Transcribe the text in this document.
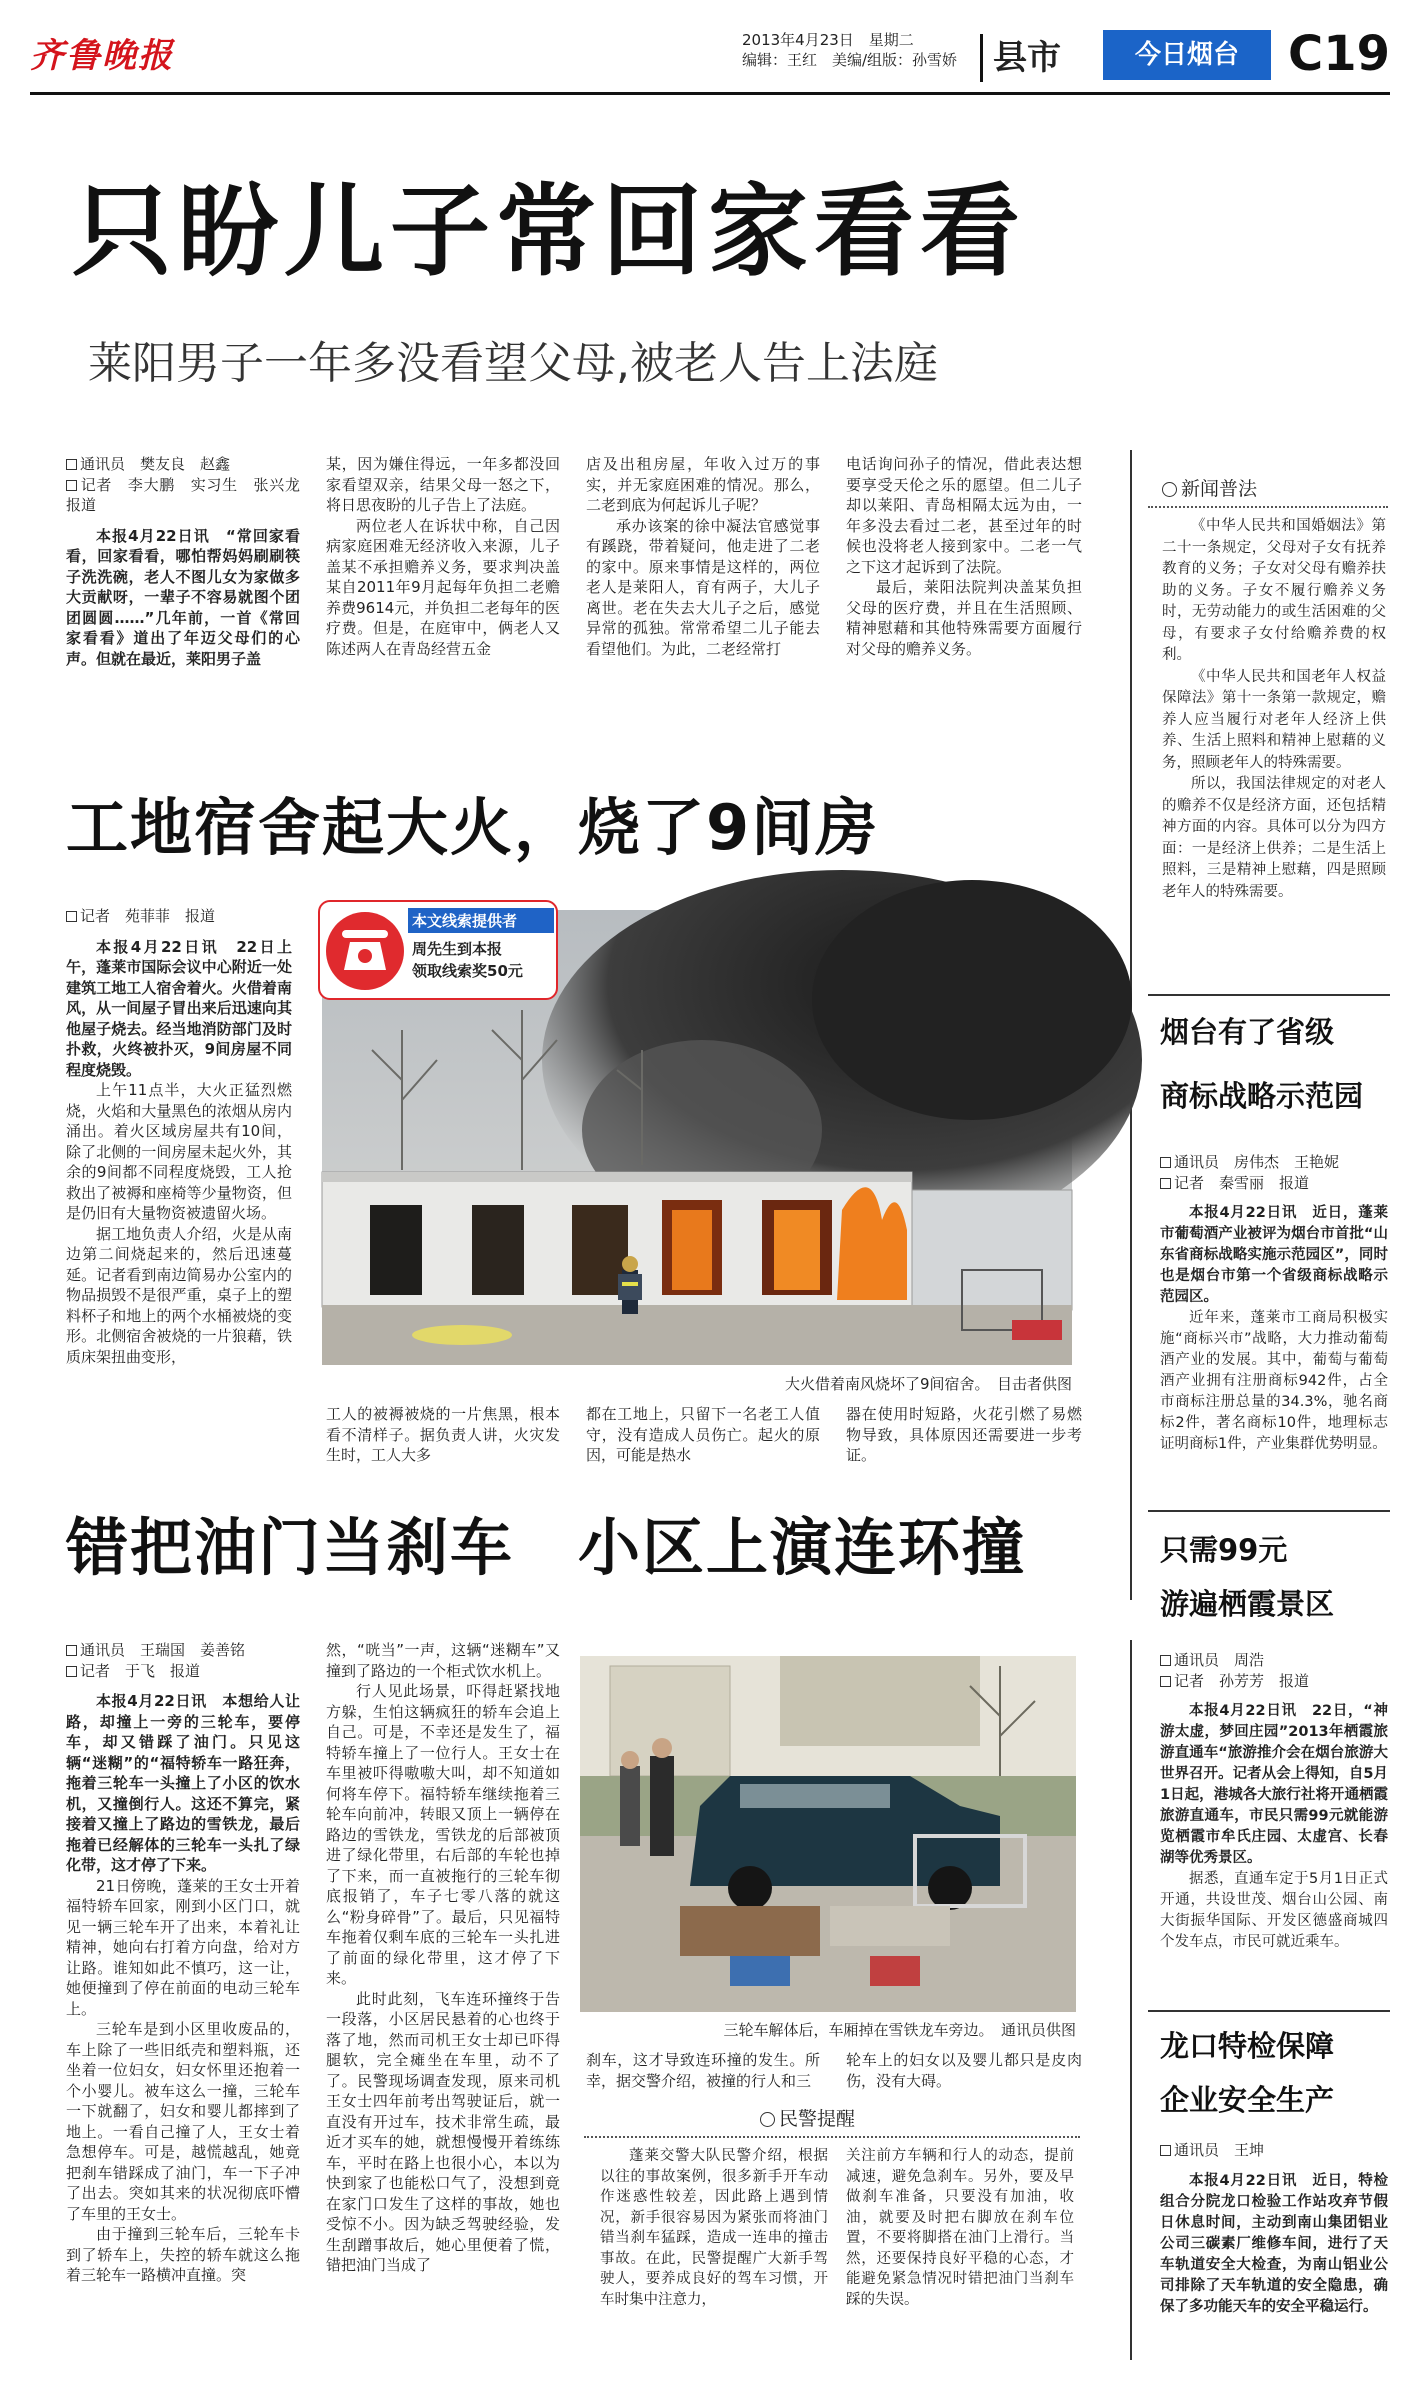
齐鲁晚报	2013年4月23日　星期二
编辑：王红　美编/组版：孙雪娇 县市	今日烟台	C19
只盼儿子常回家看看
莱阳男子一年多没看望父母,被老人告上法庭
通讯员　樊友良　赵鑫
记者　李大鹏　实习生　张兴龙　报道

本报4月22日讯　“常回家看看，回家看看，哪怕帮妈妈刷刷筷子洗洗碗，老人不图儿女为家做多大贡献呀，一辈子不容易就图个团团圆圆……”几年前，一首《常回家看看》道出了年迈父母们的心声。但就在最近，莱阳男子盖

某，因为嫌住得远，一年多都没回家看望双亲，结果父母一怒之下，将日思夜盼的儿子告上了法庭。

两位老人在诉状中称，自己因病家庭困难无经济收入来源，儿子盖某不承担赡养义务，要求判决盖某自2011年9月起每年负担二老赡养费9614元，并负担二老每年的医疗费。但是，在庭审中，俩老人又陈述两人在青岛经营五金

店及出租房屋，年收入过万的事实，并无家庭困难的情况。那么，二老到底为何起诉儿子呢？

承办该案的徐中凝法官感觉事有蹊跷，带着疑问，他走进了二老的家中。原来事情是这样的，两位老人是莱阳人，育有两子，大儿子离世。老在失去大儿子之后，感觉异常的孤独。常常希望二儿子能去看望他们。为此，二老经常打

电话询问孙子的情况，借此表达想要享受天伦之乐的愿望。但二儿子却以莱阳、青岛相隔太远为由，一年多没去看过二老，甚至过年的时候也没将老人接到家中。二老一气之下这才起诉到了法院。

最后，莱阳法院判决盖某负担父母的医疗费，并且在生活照顾、精神慰藉和其他特殊需要方面履行对父母的赡养义务。

新闻普法

《中华人民共和国婚姻法》第二十一条规定，父母对子女有抚养教育的义务；子女对父母有赡养扶助的义务。子女不履行赡养义务时，无劳动能力的或生活困难的父母，有要求子女付给赡养费的权利。

《中华人民共和国老年人权益保障法》第十一条第一款规定，赡养人应当履行对老年人经济上供养、生活上照料和精神上慰藉的义务，照顾老年人的特殊需要。

所以，我国法律规定的对老人的赡养不仅是经济方面，还包括精神方面的内容。具体可以分为四方面：一是经济上供养；二是生活上照料，三是精神上慰藉，四是照顾老年人的特殊需要。

工地宿舍起大火，烧了9间房
记者　苑菲菲　报道

本报4月22日讯　22日上午，蓬莱市国际会议中心附近一处建筑工地工人宿舍着火。火借着南风，从一间屋子冒出来后迅速向其他屋子烧去。经当地消防部门及时扑救，火终被扑灭，9间房屋不同程度烧毁。

上午11点半，大火正猛烈燃烧，火焰和大量黑色的浓烟从房内涌出。着火区域房屋共有10间，除了北侧的一间房屋未起火外，其余的9间都不同程度烧毁，工人抢救出了被褥和座椅等少量物资，但是仍旧有大量物资被遗留火场。

据工地负责人介绍，火是从南边第二间烧起来的，然后迅速蔓延。记者看到南边简易办公室内的物品损毁不是很严重，桌子上的塑料杯子和地上的两个水桶被烧的变形。北侧宿舍被烧的一片狼藉，铁质床架扭曲变形，

本文线索提供者
周先生到本报
领取线索奖50元
大火借着南风烧坏了9间宿舍。　目击者供图

工人的被褥被烧的一片焦黑，根本看不清样子。据负责人讲，火灾发生时，工人大多

都在工地上，只留下一名老工人值守，没有造成人员伤亡。起火的原因，可能是热水

器在使用时短路，火花引燃了易燃物导致，具体原因还需要进一步考证。

烟台有了省级
商标战略示范园
通讯员　房伟杰　王艳妮
记者　秦雪丽　报道

本报4月22日讯　近日，蓬莱市葡萄酒产业被评为烟台市首批“山东省商标战略实施示范园区”，同时也是烟台市第一个省级商标战略示范园区。

近年来，蓬莱市工商局积极实施“商标兴市”战略，大力推动葡萄酒产业的发展。其中，葡萄与葡萄酒产业拥有注册商标942件，占全市商标注册总量的34.3%，驰名商标2件，著名商标10件，地理标志证明商标1件，产业集群优势明显。

错把油门当刹车　小区上演连环撞
通讯员　王瑞国　姜善铭
记者　于飞　报道

本报4月22日讯　本想给人让路，却撞上一旁的三轮车，要停车，却又错踩了油门。只见这辆“迷糊”的“福特轿车一路狂奔，拖着三轮车一头撞上了小区的饮水机，又撞倒行人。这还不算完，紧接着又撞上了路边的雪铁龙，最后拖着已经解体的三轮车一头扎了绿化带，这才停了下来。

21日傍晚，蓬莱的王女士开着福特轿车回家，刚到小区门口，就见一辆三轮车开了出来，本着礼让精神，她向右打着方向盘，给对方让路。谁知如此不慎巧，这一让，她便撞到了停在前面的电动三轮车上。

三轮车是到小区里收废品的，车上除了一些旧纸壳和塑料瓶，还坐着一位妇女，妇女怀里还抱着一个小婴儿。被车这么一撞，三轮车一下就翻了，妇女和婴儿都摔到了地上。一看自己撞了人，王女士着急想停车。可是，越慌越乱，她竟把刹车错踩成了油门，车一下子冲了出去。突如其来的状况彻底吓懵了车里的王女士。

由于撞到三轮车后，三轮车卡到了轿车上，失控的轿车就这么拖着三轮车一路横冲直撞。突

然，“咣当”一声，这辆“迷糊车”又撞到了路边的一个柜式饮水机上。

行人见此场景，吓得赶紧找地方躲，生怕这辆疯狂的轿车会追上自己。可是，不幸还是发生了，福特轿车撞上了一位行人。王女士在车里被吓得嗷嗷大叫，却不知道如何将车停下。福特轿车继续拖着三轮车向前冲，转眼又顶上一辆停在路边的雪铁龙，雪铁龙的后部被顶进了绿化带里，右后部的车轮也掉了下来，而一直被拖行的三轮车彻底报销了，车子七零八落的就这么“粉身碎骨”了。最后，只见福特车拖着仅剩车底的三轮车一头扎进了前面的绿化带里，这才停了下来。

此时此刻，飞车连环撞终于告一段落，小区居民悬着的心也终于落了地，然而司机王女士却已吓得腿软，完全瘫坐在车里，动不了了。民警现场调查发现，原来司机王女士四年前考出驾驶证后，就一直没有开过车，技术非常生疏，最近才买车的她，就想慢慢开着练练车，平时在路上也很小心，本以为快到家了也能松口气了，没想到竟在家门口发生了这样的事故，她也受惊不小。因为缺乏驾驶经验，发生刮蹭事故后，她心里便着了慌，错把油门当成了

三轮车解体后，车厢掉在雪铁龙车旁边。　通讯员供图

刹车，这才导致连环撞的发生。所幸，据交警介绍，被撞的行人和三

轮车上的妇女以及婴儿都只是皮肉伤，没有大碍。

民警提醒

蓬莱交警大队民警介绍，根据以往的事故案例，很多新手开车动作迷惑性较差，因此路上遇到情况，新手很容易因为紧张而将油门错当刹车猛踩，造成一连串的撞击事故。在此，民警提醒广大新手驾驶人，要养成良好的驾车习惯，开车时集中注意力，

关注前方车辆和行人的动态，提前减速，避免急刹车。另外，要及早做刹车准备，只要没有加油，收油，就要及时把右脚放在刹车位置，不要将脚搭在油门上滑行。当然，还要保持良好平稳的心态，才能避免紧急情况时错把油门当刹车踩的失误。

只需99元
游遍栖霞景区
通讯员　周浩
记者　孙芳芳　报道

本报4月22日讯　22日，“神游太虚，梦回庄园”2013年栖霞旅游直通车“旅游推介会在烟台旅游大世界召开。记者从会上得知，自5月1日起，港城各大旅行社将开通栖霞旅游直通车，市民只需99元就能游览栖霞市牟氏庄园、太虚宫、长春湖等优秀景区。

据悉，直通车定于5月1日正式开通，共设世茂、烟台山公园、南大街振华国际、开发区德盛商城四个发车点，市民可就近乘车。

龙口特检保障
企业安全生产
通讯员　王坤

本报4月22日讯　近日，特检组合分院龙口检验工作站攻弃节假日休息时间，主动到南山集团铝业公司三碳素厂维修车间，进行了天车轨道安全大检查，为南山铝业公司排除了天车轨道的安全隐患，确保了多功能天车的安全平稳运行。
